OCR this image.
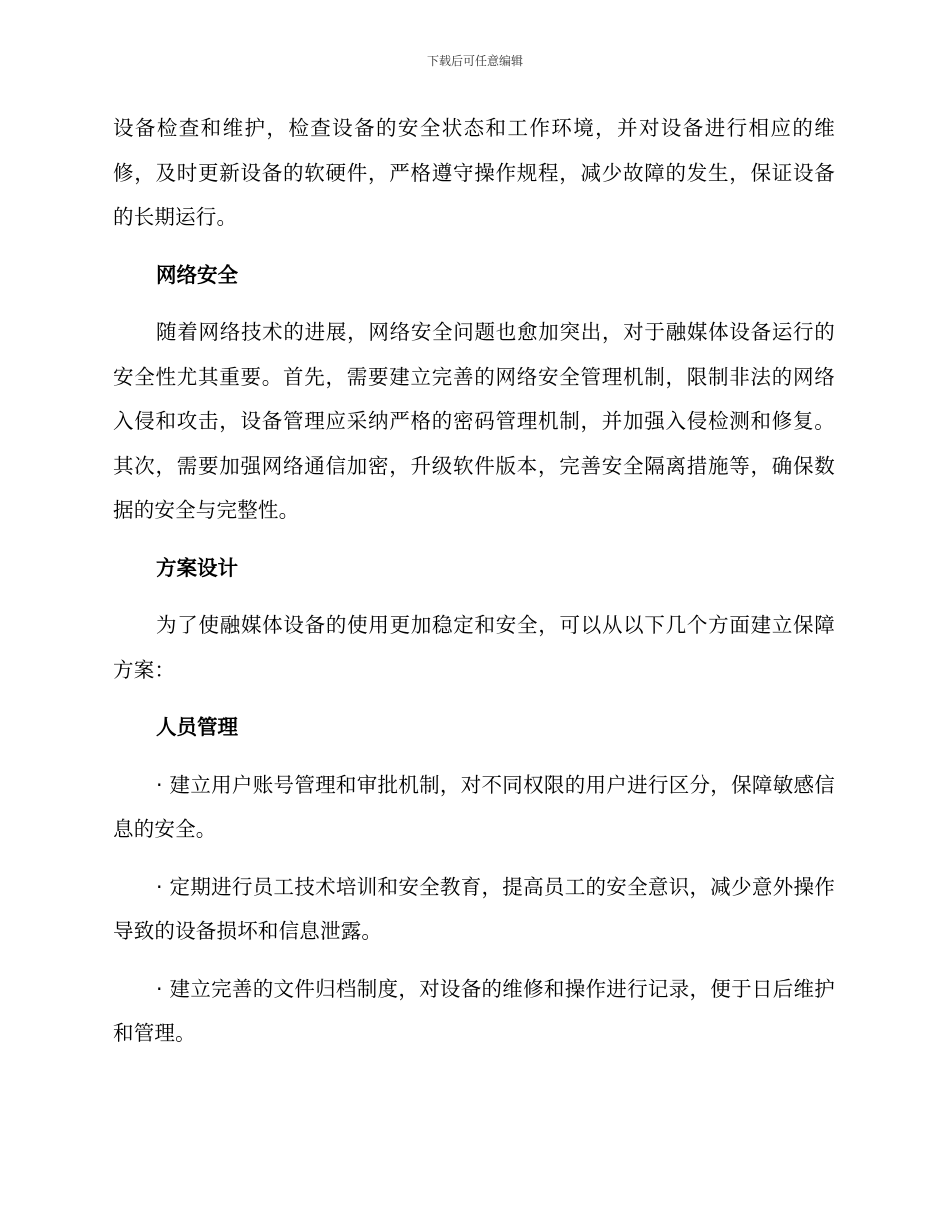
下载后可任意编辑

设备检查和维护，检查设备的安全状态和工作环境，并对设备进行相应的维修，及时更新设备的软硬件，严格遵守操作规程，减少故障的发生，保证设备的长期运行。

网络安全

随着网络技术的进展，网络安全问题也愈加突出，对于融媒体设备运行的安全性尤其重要。首先，需要建立完善的网络安全管理机制，限制非法的网络入侵和攻击，设备管理应采纳严格的密码管理机制，并加强入侵检测和修复。其次，需要加强网络通信加密，升级软件版本，完善安全隔离措施等，确保数据的安全与完整性。

方案设计

为了使融媒体设备的使用更加稳定和安全，可以从以下几个方面建立保障方案：

人员管理

· 建立用户账号管理和审批机制，对不同权限的用户进行区分，保障敏感信息的安全。

· 定期进行员工技术培训和安全教育，提高员工的安全意识，减少意外操作导致的设备损坏和信息泄露。

· 建立完善的文件归档制度，对设备的维修和操作进行记录，便于日后维护和管理。
